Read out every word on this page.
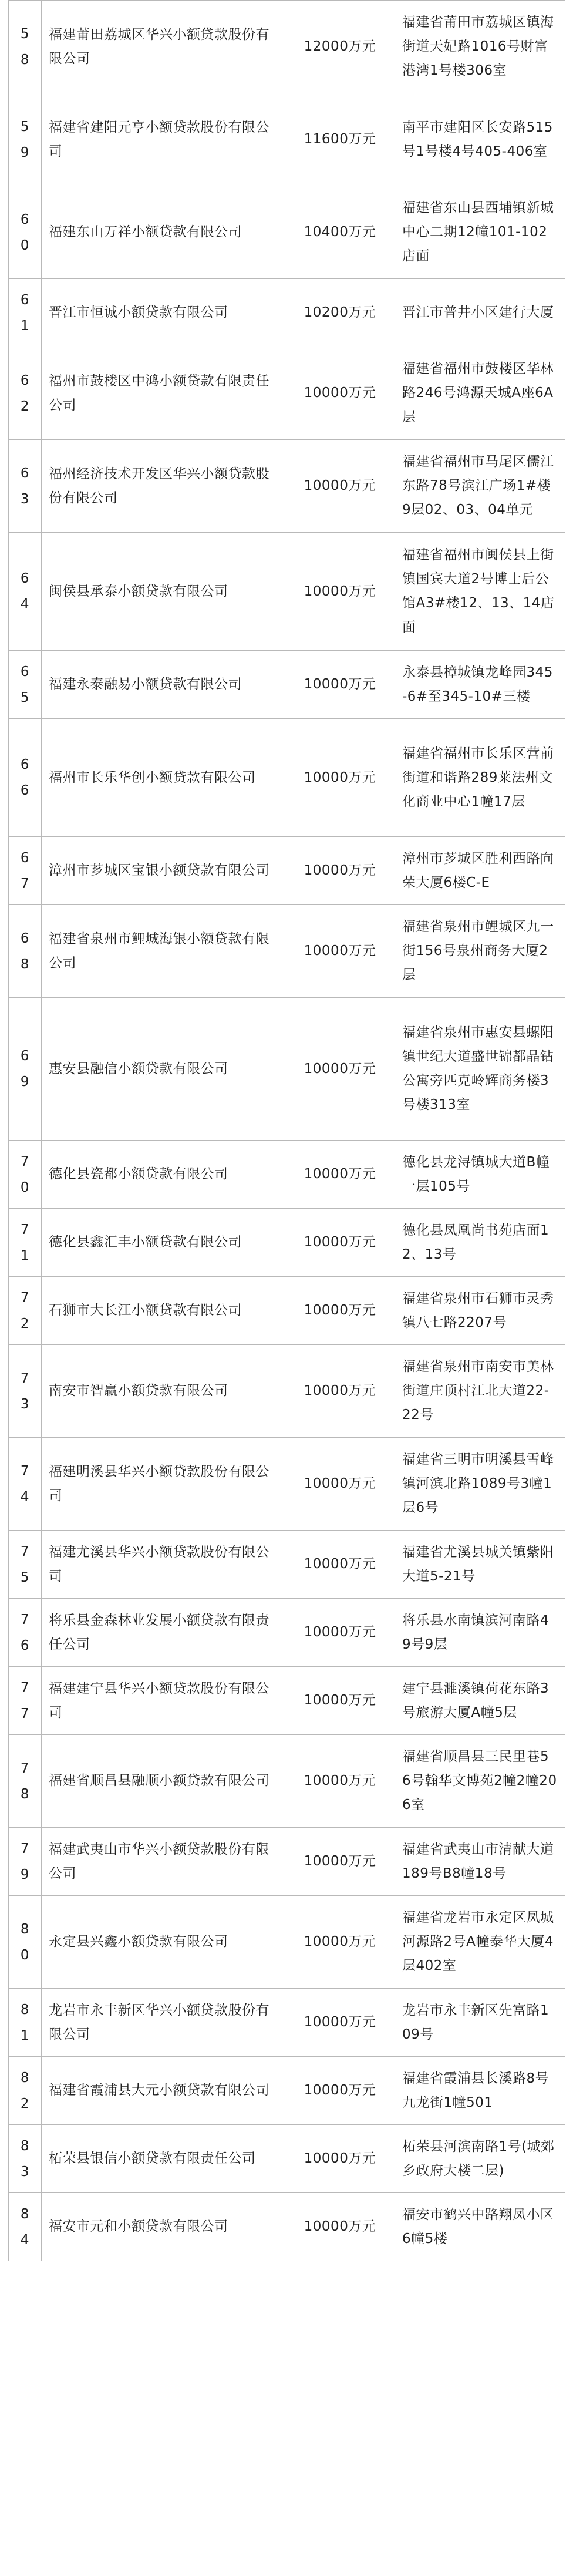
58	福建莆田荔城区华兴小额贷款股份有限公司	12000万元	福建省莆田市荔城区镇海街道天妃路1016号财富港湾1号楼306室
59	福建省建阳元亨小额贷款股份有限公司	11600万元	南平市建阳区长安路515号1号楼4号405-406室
60	福建东山万祥小额贷款有限公司	10400万元	福建省东山县西埔镇新城中心二期12幢101-102店面
61	晋江市恒诚小额贷款有限公司	10200万元	晋江市普井小区建行大厦
62	福州市鼓楼区中鸿小额贷款有限责任公司	10000万元	福建省福州市鼓楼区华林路246号鸿源天城A座6A层
63	福州经济技术开发区华兴小额贷款股份有限公司	10000万元	福建省福州市马尾区儒江东路78号滨江广场1#楼9层02、03、04单元
64	闽侯县承泰小额贷款有限公司	10000万元	福建省福州市闽侯县上街镇国宾大道2号博士后公馆A3#楼12、13、14店面
65	福建永泰融易小额贷款有限公司	10000万元	永泰县樟城镇龙峰园345-6#至345-10#三楼
66	福州市长乐华创小额贷款有限公司	10000万元	福建省福州市长乐区营前街道和谐路289莱法州文化商业中心1幢17层
67	漳州市芗城区宝银小额贷款有限公司	10000万元	漳州市芗城区胜利西路向荣大厦6楼C-E
68	福建省泉州市鲤城海银小额贷款有限公司	10000万元	福建省泉州市鲤城区九一街156号泉州商务大厦2层
69	惠安县融信小额贷款有限公司	10000万元	福建省泉州市惠安县螺阳镇世纪大道盛世锦都晶钻公寓旁匹克岭辉商务楼3号楼313室
70	德化县瓷都小额贷款有限公司	10000万元	德化县龙浔镇城大道B幢一层105号
71	德化县鑫汇丰小额贷款有限公司	10000万元	德化县凤凰尚书苑店面12、13号
72	石狮市大长江小额贷款有限公司	10000万元	福建省泉州市石狮市灵秀镇八七路2207号
73	南安市智赢小额贷款有限公司	10000万元	福建省泉州市南安市美林街道庄顶村江北大道22-22号
74	福建明溪县华兴小额贷款股份有限公司	10000万元	福建省三明市明溪县雪峰镇河滨北路1089号3幢1层6号
75	福建尤溪县华兴小额贷款股份有限公司	10000万元	福建省尤溪县城关镇紫阳大道5-21号
76	将乐县金森林业发展小额贷款有限责任公司	10000万元	将乐县水南镇滨河南路49号9层
77	福建建宁县华兴小额贷款股份有限公司	10000万元	建宁县濉溪镇荷花东路3号旅游大厦A幢5层
78	福建省顺昌县融顺小额贷款有限公司	10000万元	福建省顺昌县三民里巷56号翰华文博苑2幢2幢206室
79	福建武夷山市华兴小额贷款股份有限公司	10000万元	福建省武夷山市清献大道189号B8幢18号
80	永定县兴鑫小额贷款有限公司	10000万元	福建省龙岩市永定区凤城河源路2号A幢泰华大厦4层402室
81	龙岩市永丰新区华兴小额贷款股份有限公司	10000万元	龙岩市永丰新区先富路109号
82	福建省霞浦县大元小额贷款有限公司	10000万元	福建省霞浦县长溪路8号九龙街1幢501
83	柘荣县银信小额贷款有限责任公司	10000万元	柘荣县河滨南路1号(城郊乡政府大楼二层)
84	福安市元和小额贷款有限公司	10000万元	福安市鹤兴中路翔凤小区6幢5楼
